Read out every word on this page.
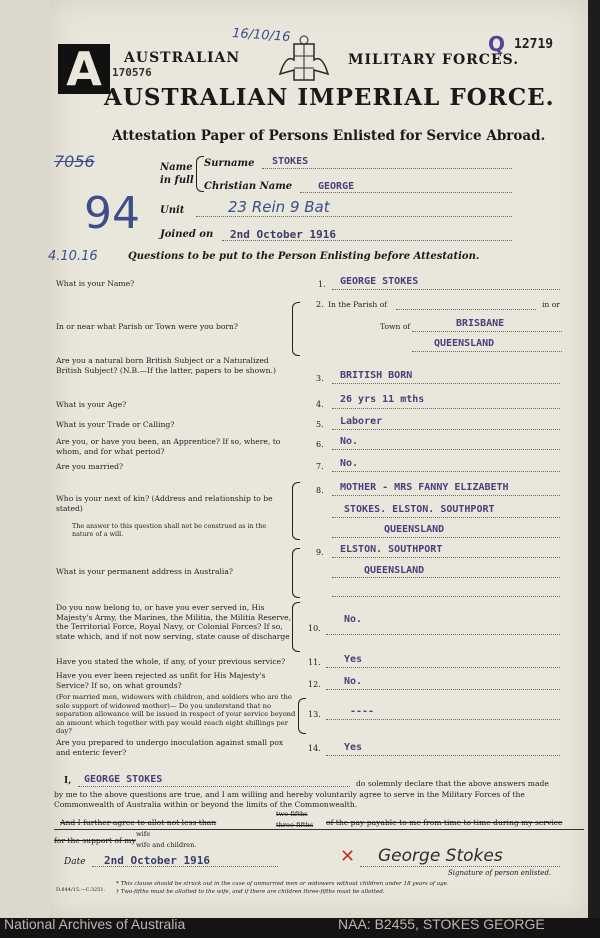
A 170576
AUSTRALIAN
16/10/16
MILITARY FORCES.
Q 12719
AUSTRALIAN IMPERIAL FORCE.
Attestation Paper of Persons Enlisted for Service Abroad.
7056
94
4.10.16
Name
in full
Surname STOKES
Christian Name	GEORGE
Unit	23 Rein 9 Bat
Joined on 2nd October 1916
Questions to be put to the Person Enlisting before Attestation.
What is your Name?	1. GEORGE STOKES
In or near what Parish or Town were you born?
2. In the Parish of	in or
Town of	BRISBANE
QUEENSLAND
Are you a natural born British Subject or a Naturalized British Subject? (N.B.—If the latter, papers to be shown.)
3. BRITISH BORN
What is your Age?	4. 26 yrs 11 mths
What is your Trade or Calling?	5. Laborer
Are you, or have you been, an Apprentice? If so, where, to whom, and for what period?
6. No.
Are you married?	7. No.
Who is your next of kin? (Address and relationship to be stated)
The answer to this question shall not be construed as in the nature of a will.
8. MOTHER - MRS FANNY ELIZABETH
STOKES. ELSTON. SOUTHPORT
QUEENSLAND
What is your permanent address in Australia?
9. ELSTON. SOUTHPORT
QUEENSLAND
Do you now belong to, or have you ever served in, His Majesty's Army, the Marines, the Militia, the Militia Reserve, the Territorial Force, Royal Navy, or Colonial Forces? If so, state which, and if not now serving, state cause of discharge
10.
No.
Have you stated the whole, if any, of your previous service?	11. Yes
Have you ever been rejected as unfit for His Majesty's Service? If so, on what grounds?	12. No.
(For married men, widowers with children, and soldiers who are the sole support of widowed mother)— Do you understand that no separation allowance will be issued in respect of your service beyond an amount which together with pay would reach eight shillings per day?
13.	----
Are you prepared to undergo inoculation against small pox and enteric fever?	14. Yes
I, GEORGE STOKES	do solemnly declare that the above answers made
by me to the above questions are true, and I am willing and hereby voluntarily agree to serve in the Military Forces of the
Commonwealth of Australia within or beyond the limits of the Commonwealth.
And I further agree to allot not less than
two-fifths
three-fifths of the pay payable to me from time to time during my service
for the support of my
wife
wife and children.
Date 2nd October 1916	✕ George Stokes
Signature of person enlisted.
* This clause should be struck out in the case of unmarried men or widowers without children under 18 years of age.
† Two-fifths must be allotted to the wife, and if there are children three-fifths must be allotted.
D.844/15.—C.3251.
National Archives of Australia	NAA: B2455, STOKES GEORGE
